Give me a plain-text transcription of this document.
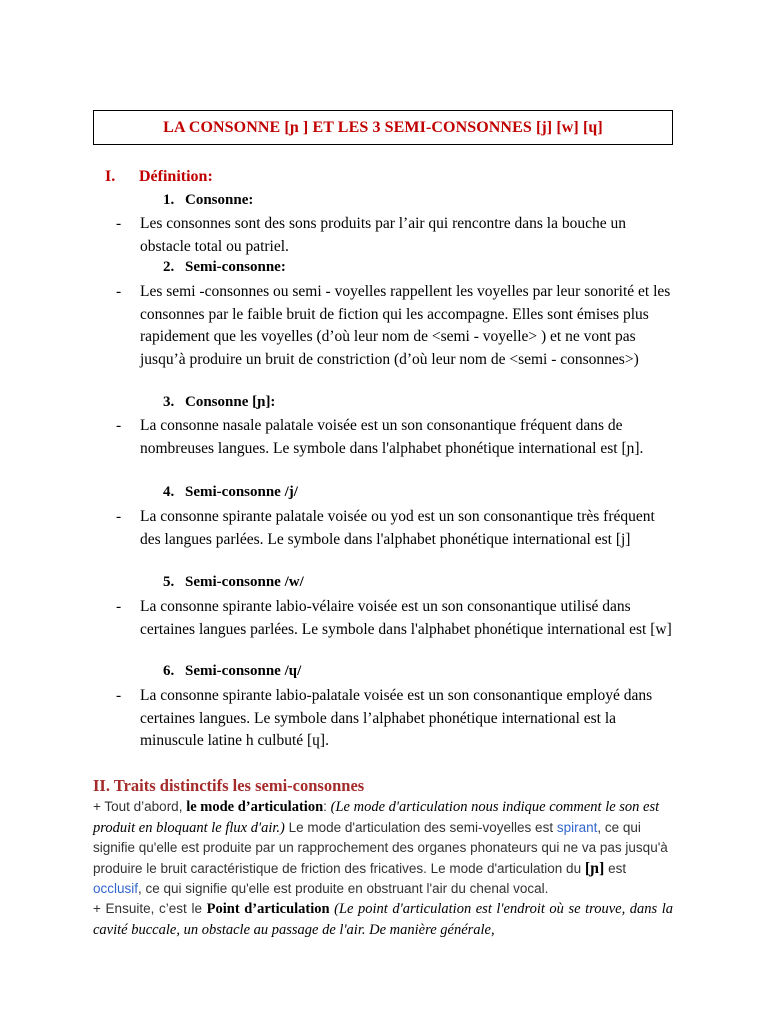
LA CONSONNE [ɲ ] ET LES 3 SEMI-CONSONNES [j] [w] [ɥ]
I. Définition:
1. Consonne:
- Les consonnes sont des sons produits par l’air qui rencontre dans la bouche un obstacle total ou patriel.
2. Semi-consonne:
- Les semi -consonnes ou semi - voyelles rappellent les voyelles par leur sonorité et les consonnes par le faible bruit de fiction qui les accompagne. Elles sont émises plus rapidement que les voyelles (d’où leur nom de <semi - voyelle> ) et ne vont pas jusqu’à produire un bruit de constriction (d’où leur nom de <semi - consonnes>)
3. Consonne [ɲ]:
- La consonne nasale palatale voisée est un son consonantique fréquent dans de nombreuses langues. Le symbole dans l'alphabet phonétique international est [ɲ].
4. Semi-consonne /j/
- La consonne spirante palatale voisée ou yod est un son consonantique très fréquent des langues parlées. Le symbole dans l'alphabet phonétique international est [j]
5. Semi-consonne /w/
- La consonne spirante labio-vélaire voisée est un son consonantique utilisé dans certaines langues parlées. Le symbole dans l'alphabet phonétique international est [w]
6. Semi-consonne /ɥ/
- La consonne spirante labio-palatale voisée est un son consonantique employé dans certaines langues. Le symbole dans l’alphabet phonétique international est la minuscule latine h culbuté [ɥ].
II. Traits distinctifs les semi-consonnes
+ Tout d’abord, le mode d’articulation: (Le mode d'articulation nous indique comment le son est produit en bloquant le flux d'air.) Le mode d'articulation des semi-voyelles est spirant, ce qui signifie qu'elle est produite par un rapprochement des organes phonateurs qui ne va pas jusqu'à produire le bruit caractéristique de friction des fricatives. Le mode d'articulation du [ɲ] est occlusif, ce qui signifie qu'elle est produite en obstruant l'air du chenal vocal.
+ Ensuite, c’est le Point d’articulation (Le point d'articulation est l'endroit où se trouve, dans la cavité buccale, un obstacle au passage de l'air. De manière générale,
